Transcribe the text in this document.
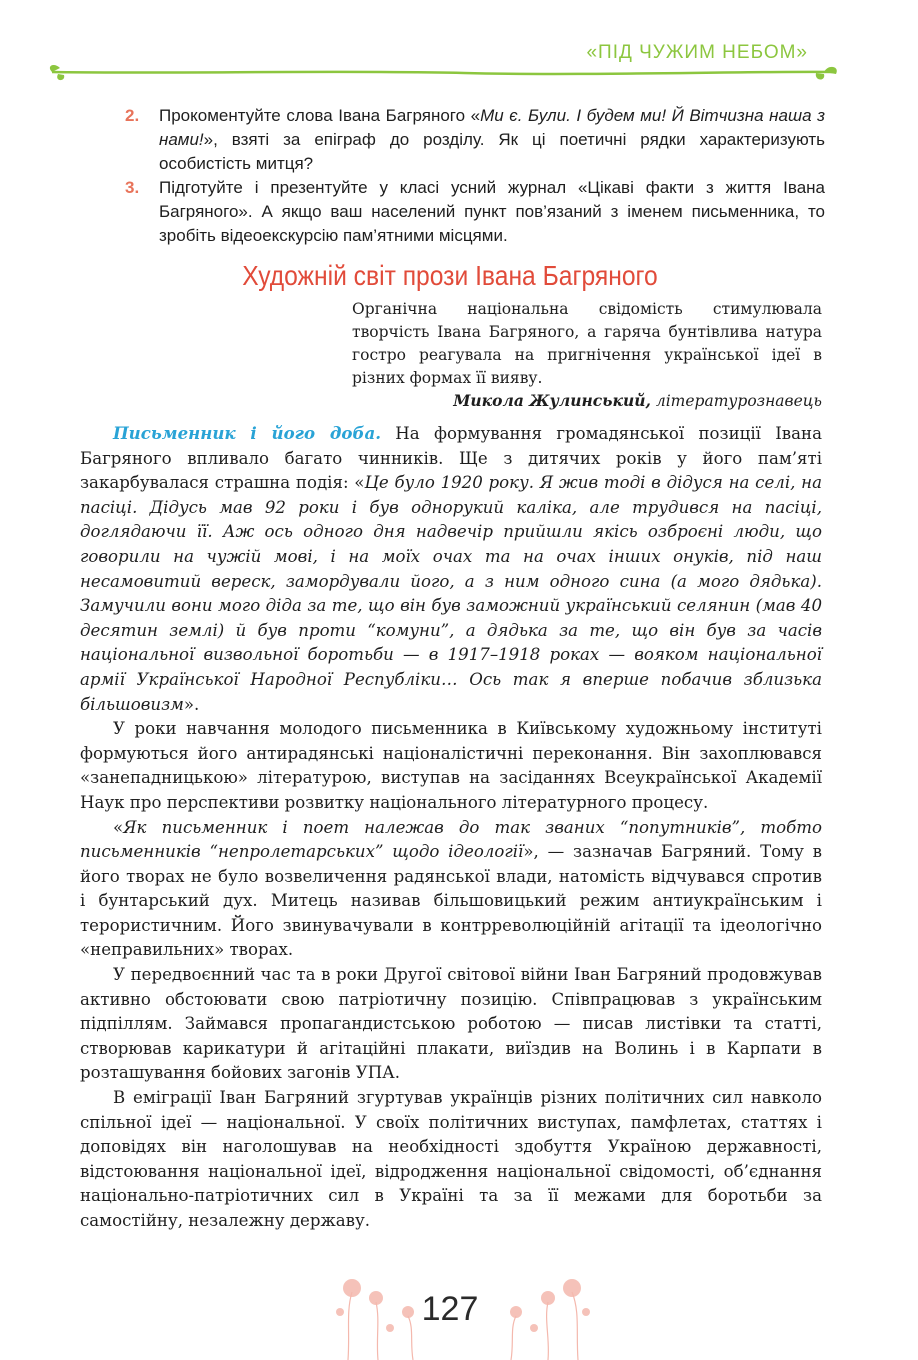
«ПІД ЧУЖИМ НЕБОМ»

2. Прокоментуйте слова Івана Багряного «Ми є. Були. І будем ми! Й Вітчизна наша з нами!», взяті за епіграф до розділу. Як ці поетичні рядки характеризують особистість митця?

3. Підготуйте і презентуйте у класі усний журнал «Цікаві факти з життя Івана Багряного». А якщо ваш населений пункт пов’язаний з іменем письменника, то зробіть відеоекскурсію пам’ятними місцями.

Художній світ прози Івана Багряного
Органічна національна свідомість стимулювала творчість Івана Багряного, а гаряча бунтівлива натура гостро реагувала на пригнічення української ідеї в різних формах її вияву.
Микола Жулинський, літературознавець

Письменник і його доба. На формування громадянської позиції Івана Багряного впливало багато чинників. Ще з дитячих років у його пам’яті закарбувалася страшна подія: «Це було 1920 року. Я жив тоді в дідуся на селі, на пасіці. Дідусь мав 92 роки і був однорукий каліка, але трудився на пасіці, доглядаючи її. Аж ось одного дня надвечір прийшли якісь озброєні люди, що говорили на чужій мові, і на моїх очах та на очах інших онуків, під наш несамовитий вереск, замордували його, а з ним одного сина (а мого дядька). Замучили вони мого діда за те, що він був заможний український селянин (мав 40 десятин землі) й був проти “комуни”, а дядька за те, що він був за часів національної визвольної боротьби — в 1917–1918 роках — вояком національної армії Української Народної Республіки… Ось так я вперше побачив зблизька більшовизм».

У роки навчання молодого письменника в Київському художньому інституті формуються його антирадянські націоналістичні переконання. Він захоплювався «занепадницькою» літературою, виступав на засіданнях Всеукраїнської Академії Наук про перспективи розвитку національного літературного процесу.

«Як письменник і поет належав до так званих “попутників”, тобто письменників “непролетарських” щодо ідеології», — зазначав Багряний. Тому в його творах не було возвеличення радянської влади, натомість відчувався спротив і бунтарський дух. Митець називав більшовицький режим антиукраїнським і терористичним. Його звинувачували в контрреволюційній агітації та ідеологічно «неправильних» творах.

У передвоєнний час та в роки Другої світової війни Іван Багряний продовжував активно обстоювати свою патріотичну позицію. Співпрацював з українським підпіллям. Займався пропагандистською роботою — писав листівки та статті, створював карикатури й агітаційні плакати, виїздив на Волинь і в Карпати в розташування бойових загонів УПА.

В еміграції Іван Багряний згуртував українців різних політичних сил навколо спільної ідеї — національної. У своїх політичних виступах, памфлетах, статтях і доповідях він наголошував на необхідності здобуття Україною державності, відстоювання національної ідеї, відродження національної свідомості, об’єднання національно-патріотичних сил в Україні та за її межами для боротьби за самостійну, незалежну державу.

127
